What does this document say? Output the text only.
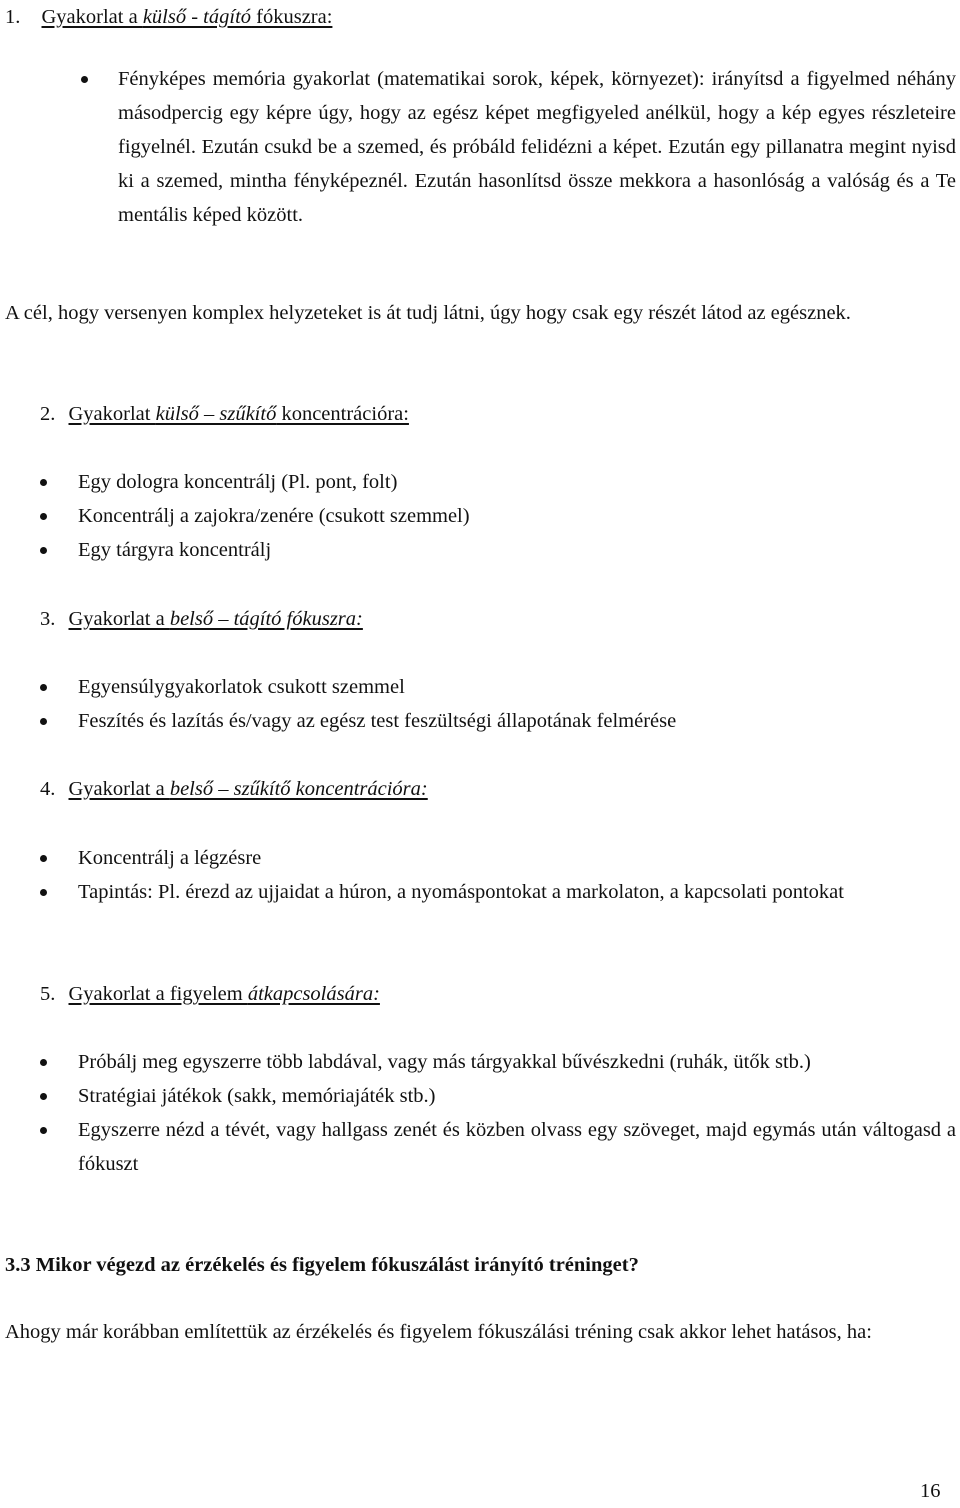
1. Gyakorlat a külső - tágító fókuszra:
Fényképes memória gyakorlat (matematikai sorok, képek, környezet): irányítsd a figyelmed néhány másodpercig egy képre úgy, hogy az egész képet megfigyeled anélkül, hogy a kép egyes részleteire figyelnél. Ezután csukd be a szemed, és próbáld felidézni a képet. Ezután egy pillanatra megint nyisd ki a szemed, mintha fényképeznél. Ezután hasonlítsd össze mekkora a hasonlóság a valóság és a Te mentális képed között.
A cél, hogy versenyen komplex helyzeteket is át tudj látni, úgy hogy csak egy részét látod az egésznek.
2. Gyakorlat külső – szűkítő koncentrációra:
Egy dologra koncentrálj (Pl. pont, folt)
Koncentrálj a zajokra/zenére (csukott szemmel)
Egy tárgyra koncentrálj
3. Gyakorlat a belső – tágító fókuszra:
Egyensúlygyakorlatok csukott szemmel
Feszítés és lazítás és/vagy az egész test feszültségi állapotának felmérése
4. Gyakorlat a belső – szűkítő koncentrációra:
Koncentrálj a légzésre
Tapintás: Pl. érezd az ujjaidat a húron, a nyomáspontokat a markolaton, a kapcsolati pontokat
5. Gyakorlat a figyelem átkapcsolására:
Próbálj meg egyszerre több labdával, vagy más tárgyakkal bűvészkedni (ruhák, ütők stb.)
Stratégiai játékok (sakk, memóriajáték stb.)
Egyszerre nézd a tévét, vagy hallgass zenét és közben olvass egy szöveget, majd egymás után váltogasd a fókuszt
3.3 Mikor végezd az érzékelés és figyelem fókuszálást irányító tréninget?
Ahogy már korábban említettük az érzékelés és figyelem fókuszálási tréning csak akkor lehet hatásos, ha:
16
